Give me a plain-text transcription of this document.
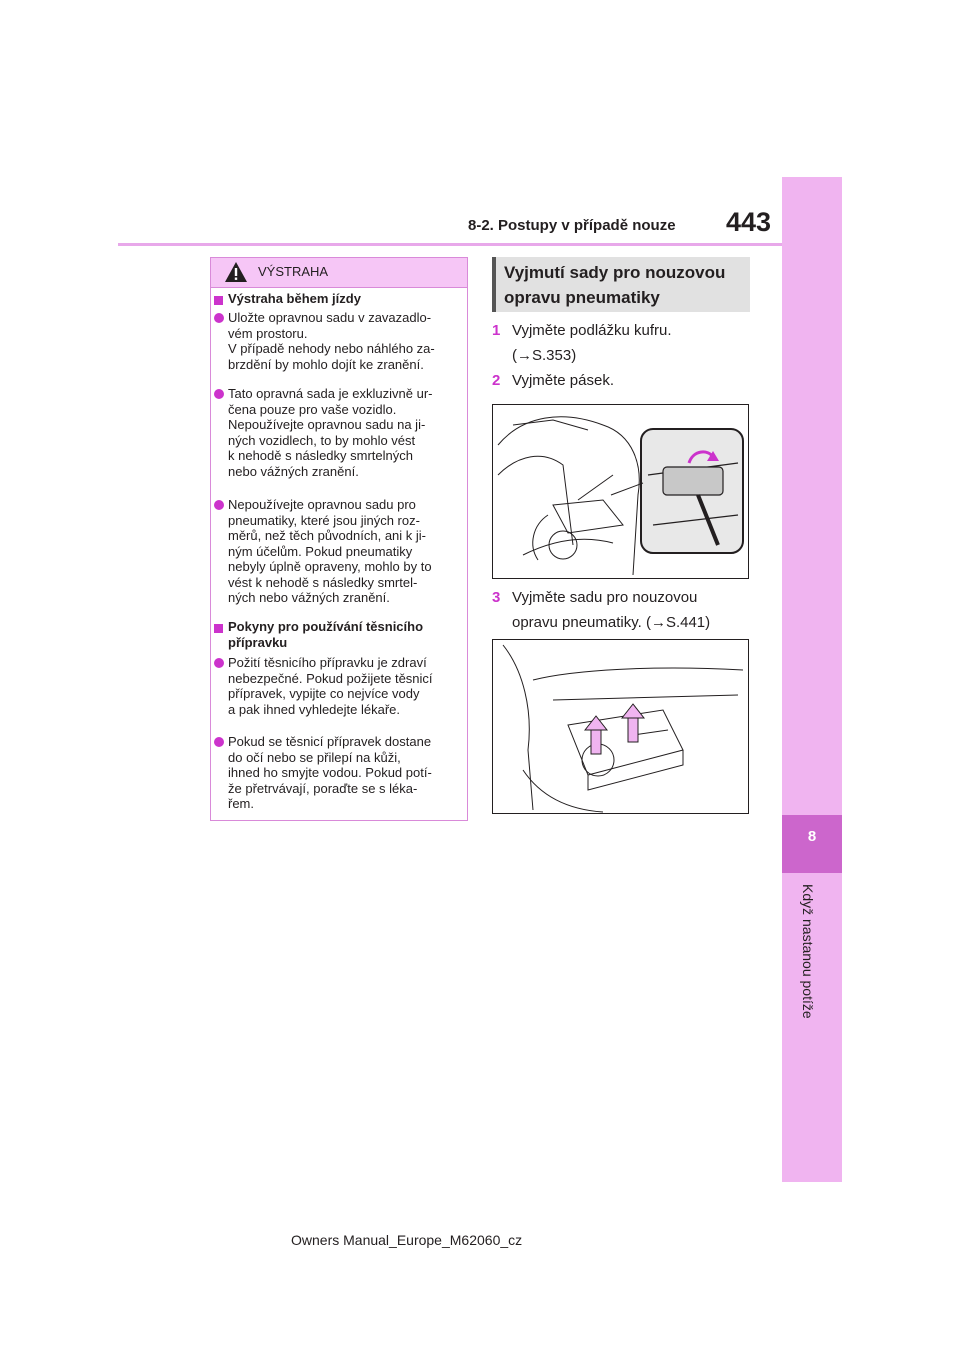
8-2. Postupy v případě nouze 443
8
Když nastanou potíže
VÝSTRAHA
Výstraha během jízdy
Uložte opravnou sadu v zavazadlo-
vém prostoru.
V případě nehody nebo náhlého za-
brzdění by mohlo dojít ke zranění.
Tato opravná sada je exkluzivně ur-
čena pouze pro vaše vozidlo.
Nepoužívejte opravnou sadu na ji-
ných vozidlech, to by mohlo vést
k nehodě s následky smrtelných
nebo vážných zranění.
Nepoužívejte opravnou sadu pro
pneumatiky, které jsou jiných roz-
měrů, než těch původních, ani k ji-
ným účelům. Pokud pneumatiky
nebyly úplně opraveny, mohlo by to
vést k nehodě s následky smrtel-
ných nebo vážných zranění.
Pokyny pro používání těsnicího
přípravku
Požití těsnicího přípravku je zdraví
nebezpečné. Pokud požijete těsnicí
přípravek, vypijte co nejvíce vody
a pak ihned vyhledejte lékaře.
Pokud se těsnicí přípravek dostane
do očí nebo se přilepí na kůži,
ihned ho smyjte vodou. Pokud potí-
že přetrvávají, poraďte se s léka-
řem.
Vyjmutí sady pro nouzovou
opravu pneumatiky
1 Vyjměte podlážku kufru.
(→S.353)
2 Vyjměte pásek.
3 Vyjměte sadu pro nouzovou
opravu pneumatiky. (→S.441)
Owners Manual_Europe_M62060_cz
